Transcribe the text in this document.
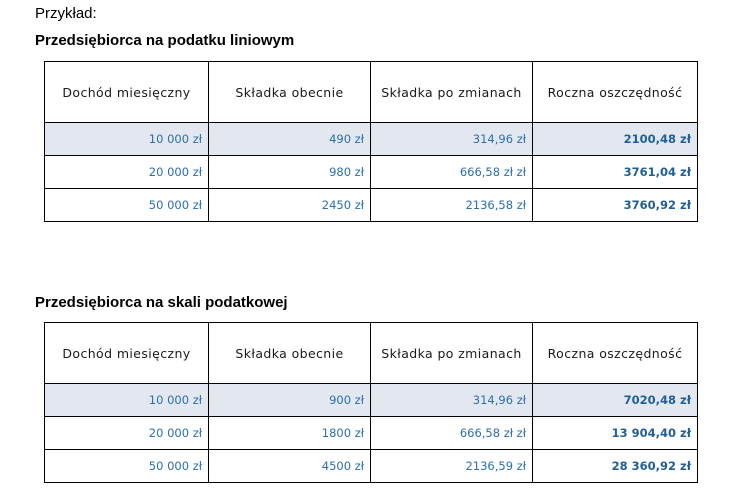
Przykład:
Przedsiębiorca na podatku liniowym
Dochód miesięczny	Składka obecnie	Składka po zmianach	Roczna oszczędność
10 000 zł	490 zł	314,96 zł	2100,48 zł
20 000 zł	980 zł	666,58 zł zł	3761,04 zł
50 000 zł	2450 zł	2136,58 zł	3760,92 zł
Przedsiębiorca na skali podatkowej
Dochód miesięczny	Składka obecnie	Składka po zmianach	Roczna oszczędność
10 000 zł	900 zł	314,96 zł	7020,48 zł
20 000 zł	1800 zł	666,58 zł zł	13 904,40 zł
50 000 zł	4500 zł	2136,59 zł	28 360,92 zł
